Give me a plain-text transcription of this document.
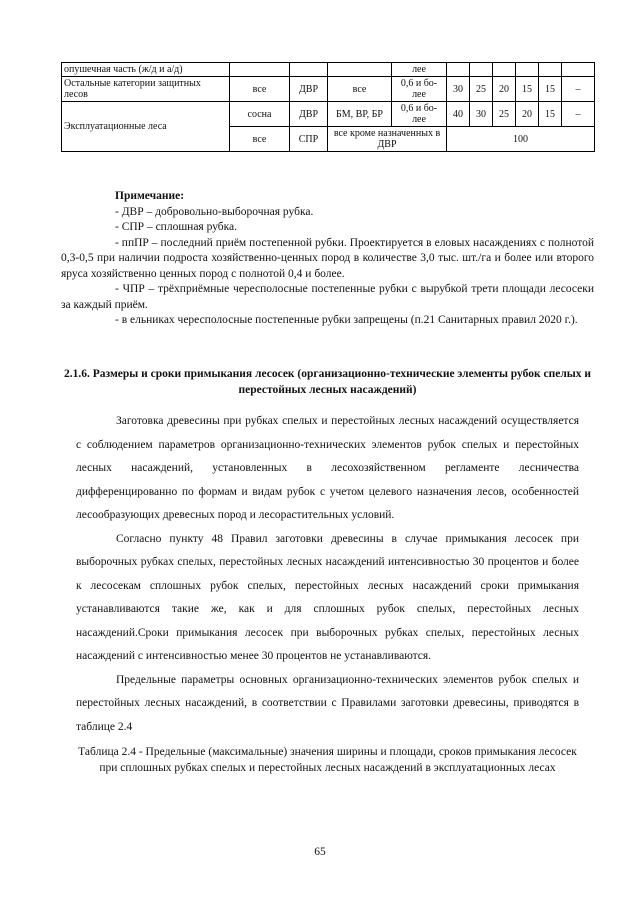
опушечная часть (ж/д и а/д)				лее						
Остальные категории защитных лесов	все	ДВР	все	0,6 и бо-лее	30	25	20	15	15	–
Эксплуатационные леса	сосна	ДВР	БМ, ВР, БР	0,6 и бо-лее	40	30	25	20	15	–
	все	СПР	все кроме назначенных в ДВР		100					

Примечание:

- ДВР – добровольно-выборочная рубка.

- СПР – сплошная рубка.

- ппПР – последний приём постепенной рубки. Проектируется в еловых насаждениях с полнотой 0,3-0,5 при наличии подроста хозяйственно-ценных пород в количестве 3,0 тыс. шт./га и более или второго яруса хозяйственно ценных пород с полнотой 0,4 и более.

- ЧПР – трёхприёмные чересполосные постепенные рубки с вырубкой трети площади лесосеки за каждый приём.

- в ельниках чересполосные постепенные рубки запрещены (п.21 Санитарных правил 2020 г.).

2.1.6. Размеры и сроки примыкания лесосек (организационно-технические элементы рубок спелых и перестойных лесных насаждений)

Заготовка древесины при рубках спелых и перестойных лесных насаждений осуществляется с соблюдением параметров организационно-технических элементов рубок спелых и перестойных лесных насаждений, установленных в лесохозяйственном регламенте лесничества дифференцированно по формам и видам рубок с учетом целевого назначения лесов, особенностей лесообразующих древесных пород и лесорастительных условий.

Согласно пункту 48 Правил заготовки древесины в случае примыкания лесосек при выборочных рубках спелых, перестойных лесных насаждений интенсивностью 30 процентов и более к лесосекам сплошных рубок спелых, перестойных лесных насаждений сроки примыкания устанавливаются такие же, как и для сплошных рубок спелых, перестойных лесных насаждений.Сроки примыкания лесосек при выборочных рубках спелых, перестойных лесных насаждений с интенсивностью менее 30 процентов не устанавливаются.

Предельные параметры основных организационно-технических элементов рубок спелых и перестойных лесных насаждений, в соответствии с Правилами заготовки древесины, приводятся в таблице 2.4

Таблица 2.4 - Предельные (максимальные) значения ширины и площади, сроков примыкания лесосек при сплошных рубках спелых и перестойных лесных насаждений в эксплуатационных лесах
65
